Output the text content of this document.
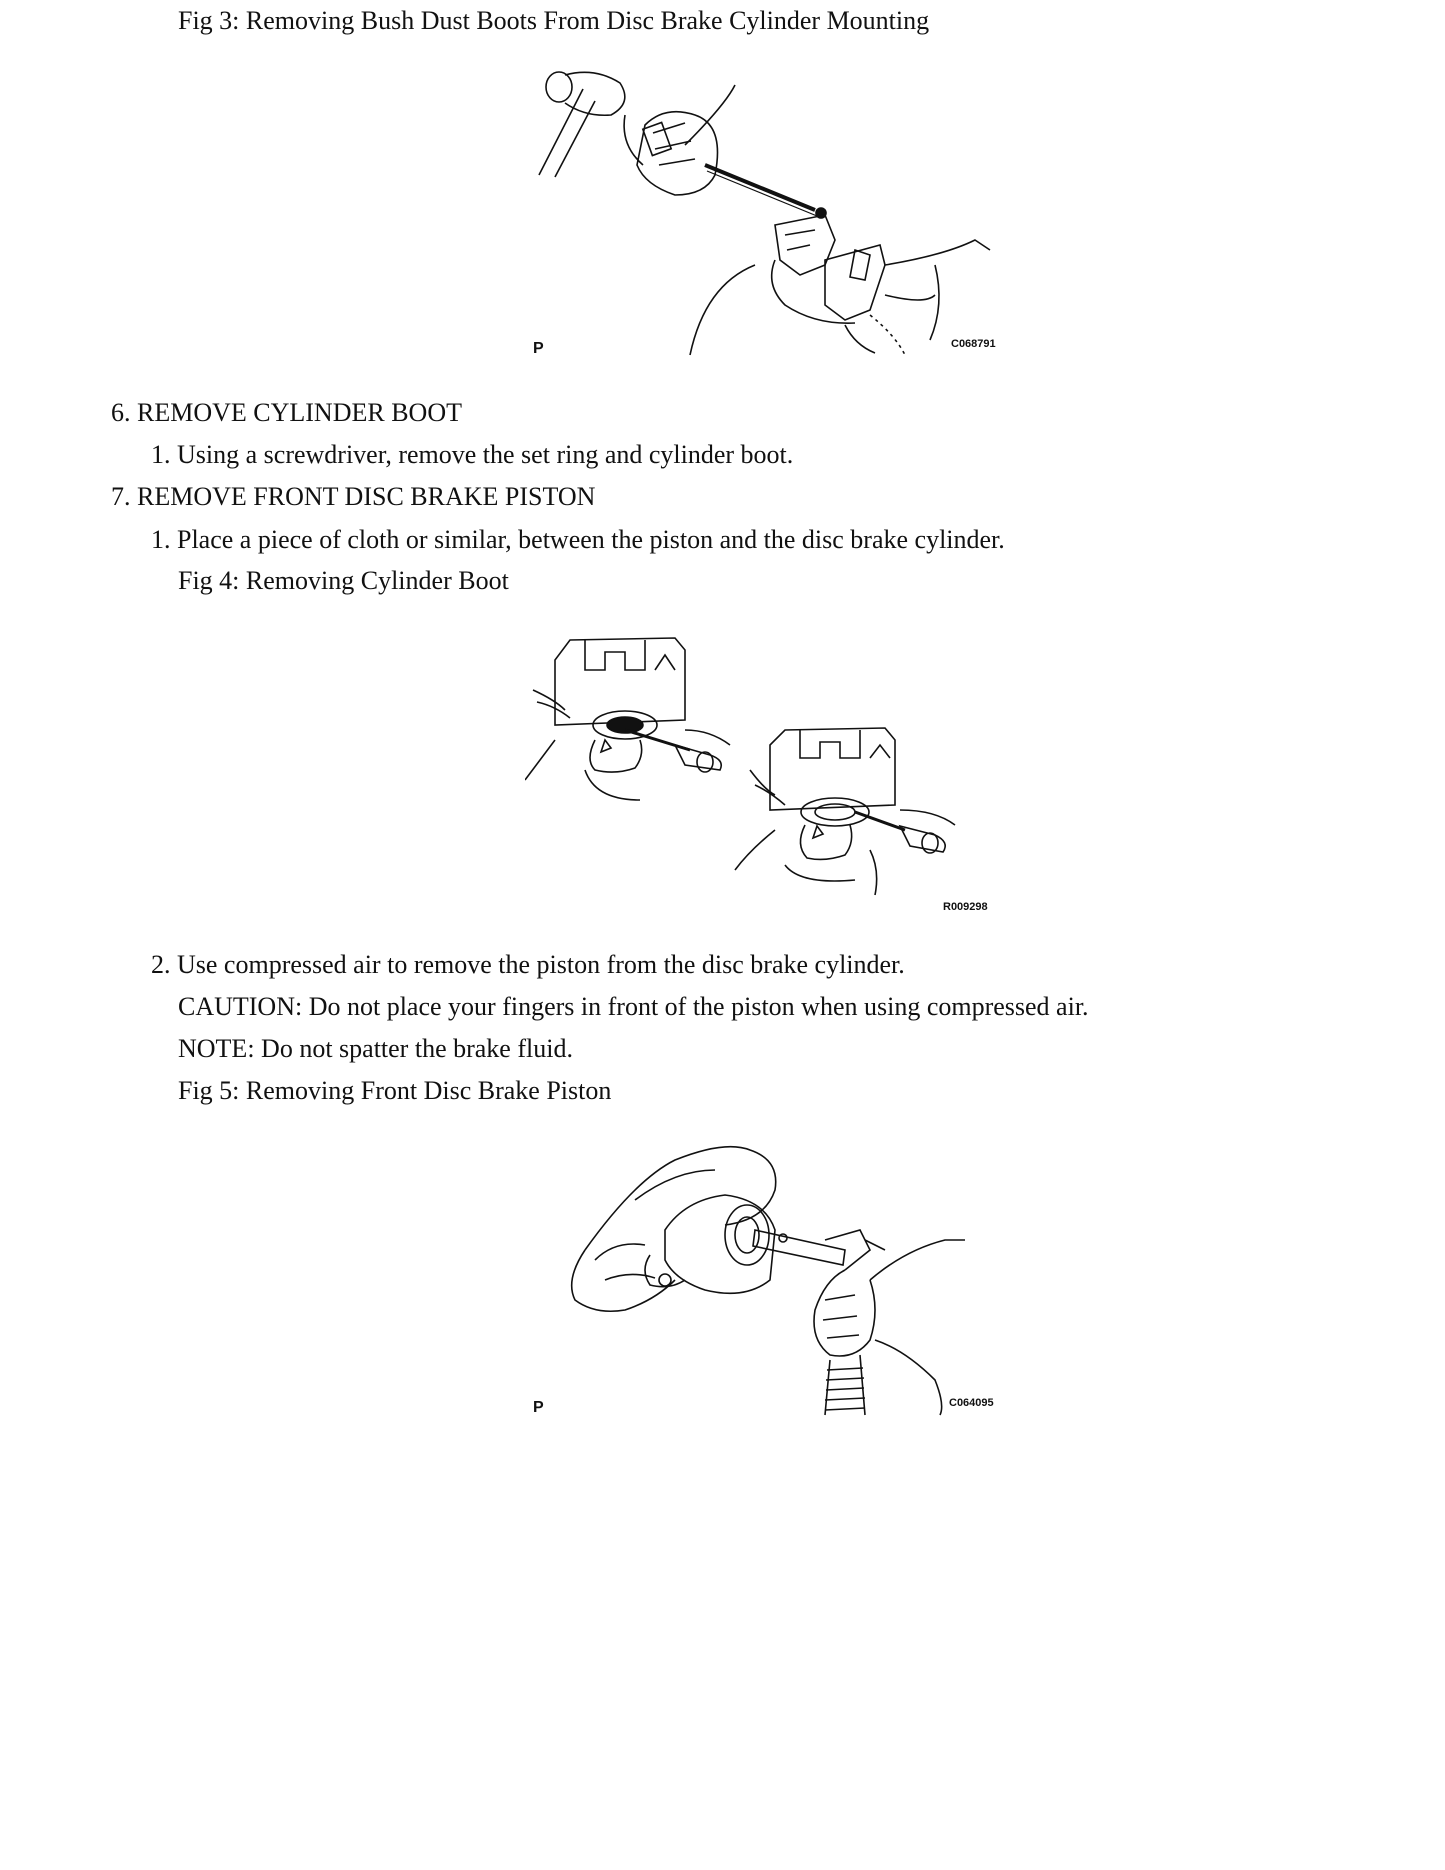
Fig 3: Removing Bush Dust Boots From Disc Brake Cylinder Mounting
P	C068791
6. REMOVE CYLINDER BOOT
1. Using a screwdriver, remove the set ring and cylinder boot.
7. REMOVE FRONT DISC BRAKE PISTON
1. Place a piece of cloth or similar, between the piston and the disc brake cylinder.
Fig 4: Removing Cylinder Boot
R009298
2. Use compressed air to remove the piston from the disc brake cylinder.
CAUTION: Do not place your fingers in front of the piston when using compressed air.
NOTE: Do not spatter the brake fluid.
Fig 5: Removing Front Disc Brake Piston
P	C064095
